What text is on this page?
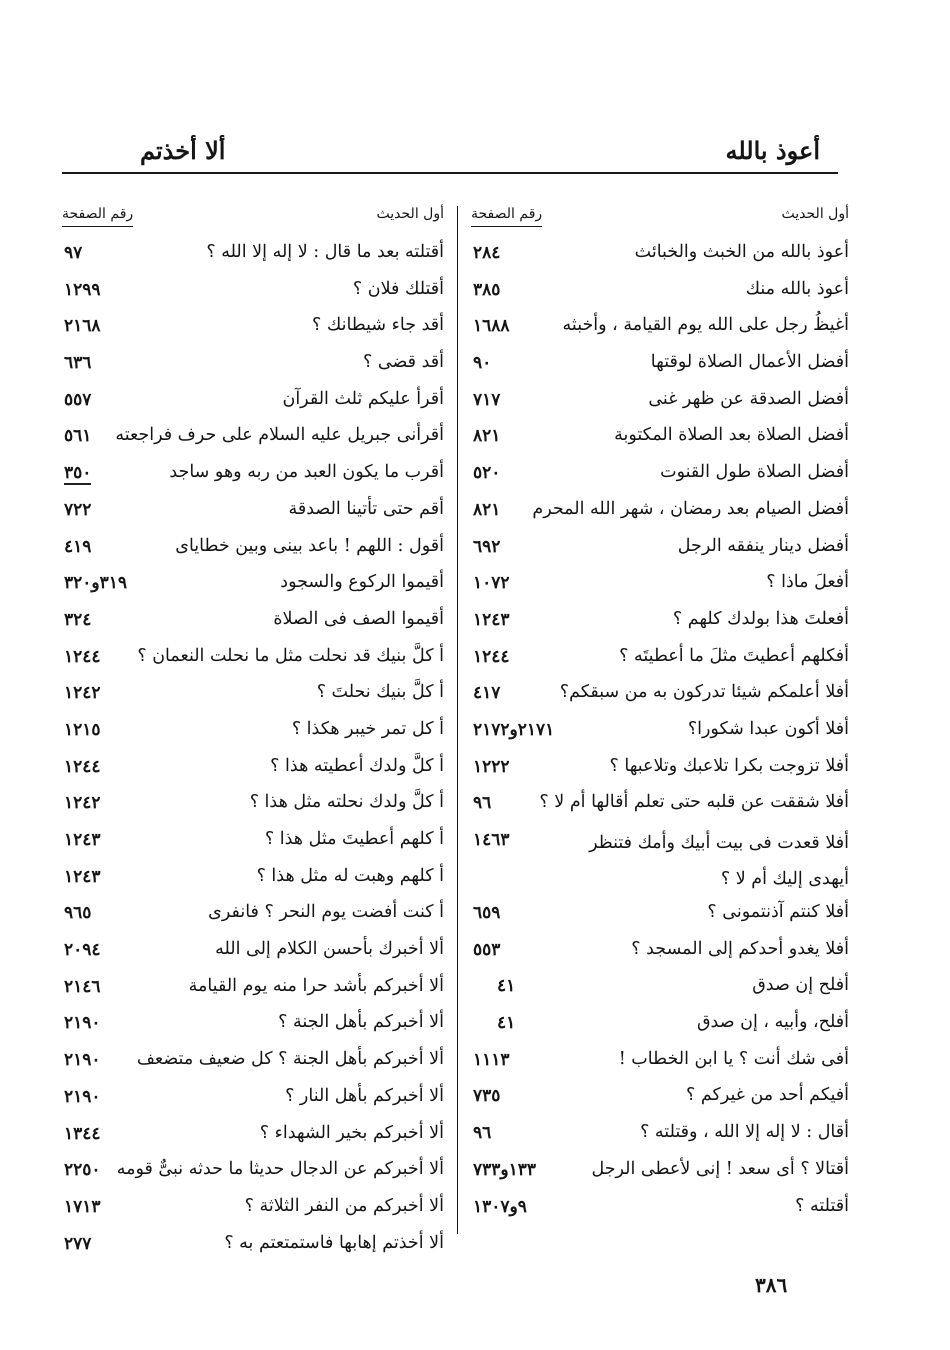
أعوذ بالله
ألا أخذتم
أول الحديث
رقم الصفحة
أعوذ بالله من الخبث والخبائث
٢٨٤
أعوذ بالله منك
٣٨٥
أغيظُ رجل على الله يوم القيامة ، وأخبثه
١٦٨٨
أفضل الأعمال الصلاة لوقتها
٩٠
أفضل الصدقة عن ظهر غنى
٧١٧
أفضل الصلاة بعد الصلاة المكتوبة
٨٢١
أفضل الصلاة طول القنوت
٥٢٠
أفضل الصيام بعد رمضان ، شهر الله المحرم
٨٢١
أفضل دينار ينفقه الرجل
٦٩٢
أفعلَ ماذا ؟
١٠٧٢
أفعلتَ هذا بولدك كلهم ؟
١٢٤٣
أفكلهم أعطيتَ مثلَ ما أعطيتَه ؟
١٢٤٤
أفلا أعلمكم شيئا تدركون به من سبقكم؟
٤١٧
أفلا أكون عبدا شكورا؟
٢١٧١و٢١٧٢
أفلا تزوجت بكرا تلاعبك وتلاعبها ؟
١٢٢٢
أفلا شققت عن قلبه حتى تعلم أقالها أم لا ؟
٩٦
أفلا قعدت فى بيت أبيك وأمك فتنظر أيهدى إليك أم لا ؟
١٤٦٣
أفلا كنتم آذنتمونى ؟
٦٥٩
أفلا يغدو أحدكم إلى المسجد ؟
٥٥٣
أفلح إن صدق
٤١
أفلح، وأبيه ، إن صدق
٤١
أفى شك أنت ؟ يا ابن الخطاب !
١١١٣
أفيكم أحد من غيركم ؟
٧٣٥
أقال : لا إله إلا الله ، وقتلته ؟
٩٦
أقتالا ؟ أى سعد ! إنى لأعطى الرجل
١٣٣و٧٣٣
أقتلته ؟
٩و١٣٠٧
أول الحديث
رقم الصفحة
أقتلته بعد ما قال : لا إله إلا الله ؟
٩٧
أقتلك فلان ؟
١٢٩٩
أقد جاء شيطانك ؟
٢١٦٨
أقد قضى ؟
٦٣٦
أقرأ عليكم ثلث القرآن
٥٥٧
أقرأنى جبريل عليه السلام على حرف فراجعته
٥٦١
أقرب ما يكون العبد من ربه وهو ساجد
٣٥٠
أقم حتى تأتينا الصدقة
٧٢٢
أقول : اللهم ! باعد بينى وبين خطاياى
٤١٩
أقيموا الركوع والسجود
٣١٩و٣٢٠
أقيموا الصف فى الصلاة
٣٢٤
أ كلَّ بنيك قد نحلت مثل ما نحلت النعمان ؟
١٢٤٤
أ كلَّ بنيك نحلتَ ؟
١٢٤٢
أ كل تمر خيبر هكذا ؟
١٢١٥
أ كلَّ ولدك أعطيته هذا ؟
١٢٤٤
أ كلَّ ولدك نحلته مثل هذا ؟
١٢٤٢
أ كلهم أعطيتَ مثل هذا ؟
١٢٤٣
أ كلهم وهبت له مثل هذا ؟
١٢٤٣
أ كنت أفضت يوم النحر ؟ فانفرى
٩٦٥
ألا أخبرك بأحسن الكلام إلى الله
٢٠٩٤
ألا أخبركم بأشد حرا منه يوم القيامة
٢١٤٦
ألا أخبركم بأهل الجنة ؟
٢١٩٠
ألا أخبركم بأهل الجنة ؟ كل ضعيف متضعف
٢١٩٠
ألا أخبركم بأهل النار ؟
٢١٩٠
ألا أخبركم بخير الشهداء ؟
١٣٤٤
ألا أخبركم عن الدجال حديثا ما حدثه نبىٌّ قومه
٢٢٥٠
ألا أخبركم من النفر الثلاثة ؟
١٧١٣
ألا أخذتم إهابها فاستمتعتم به ؟
٢٧٧
٣٨٦
